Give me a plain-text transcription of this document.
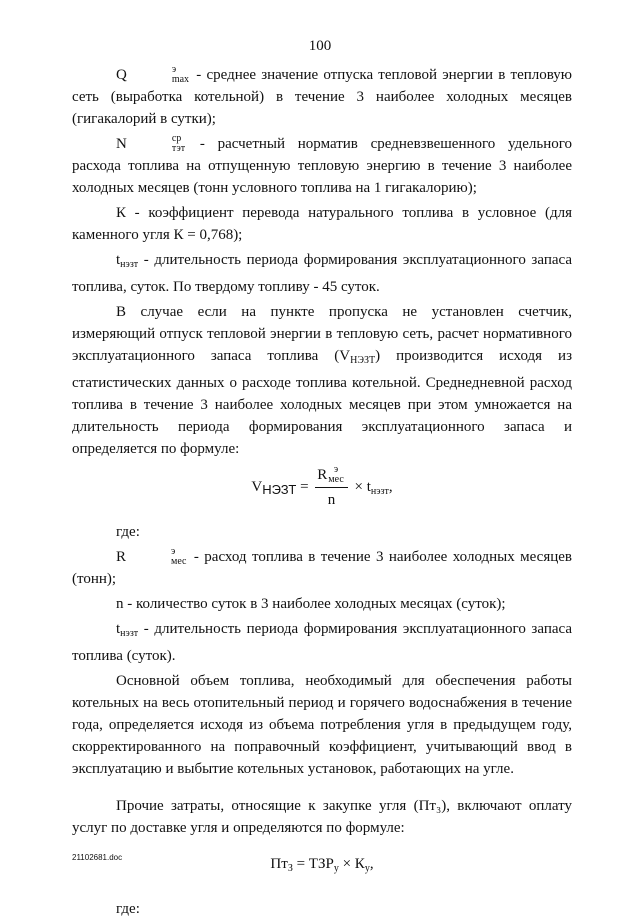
100

Q	э
max - среднее значение отпуска тепловой энергии в тепловую сеть (выработка котельной) в течение 3 наиболее холодных месяцев (гигакалорий в сутки);

N	ср
тэт - расчетный норматив средневзвешенного удельного расхода топлива на отпущенную тепловую энергию в течение 3 наиболее холодных месяцев (тонн условного топлива на 1 гигакалорию);

К - коэффициент перевода натурального топлива в условное (для каменного угля К = 0,768);

$t_{нэзт}$ - длительность периода формирования эксплуатационного запаса топлива, суток. По твердому топливу - 45 суток.

В случае если на пункте пропуска не установлен счетчик, измеряющий отпуск тепловой энергии в тепловую сеть, расчет нормативного эксплуатационного запаса топлива $(V_{НЭЗТ})$ производится исходя из статистических данных о расходе топлива котельной. Среднедневной расход топлива в течение 3 наиболее холодных месяцев при этом умножается на длительность периода формирования эксплуатационного запаса и определяется по формуле:

$V_{НЭЗТ} = R$ э
мес
$n \times t_{нэзт}$,

где:

R	э
мес - расход топлива в течение 3 наиболее холодных месяцев (тонн);

n - количество суток в 3 наиболее холодных месяцах (суток);

$t_{нэзт}$ - длительность периода формирования эксплуатационного запаса топлива (суток).

Основной объем топлива, необходимый для обеспечения работы котельных на весь отопительный период и горячего водоснабжения в течение года, определяется исходя из объема потребления угля в предыдущем году, скорректированного на поправочный коэффициент, учитывающий ввод в эксплуатацию и выбытие котельных установок, работающих на угле.

Прочие затраты, относящие к закупке угля (Пт₃), включают оплату услуг по доставке угля и определяются по формуле:

$Пт_З = ТЗР_у \times К_у$,

где:

21102681.doc
